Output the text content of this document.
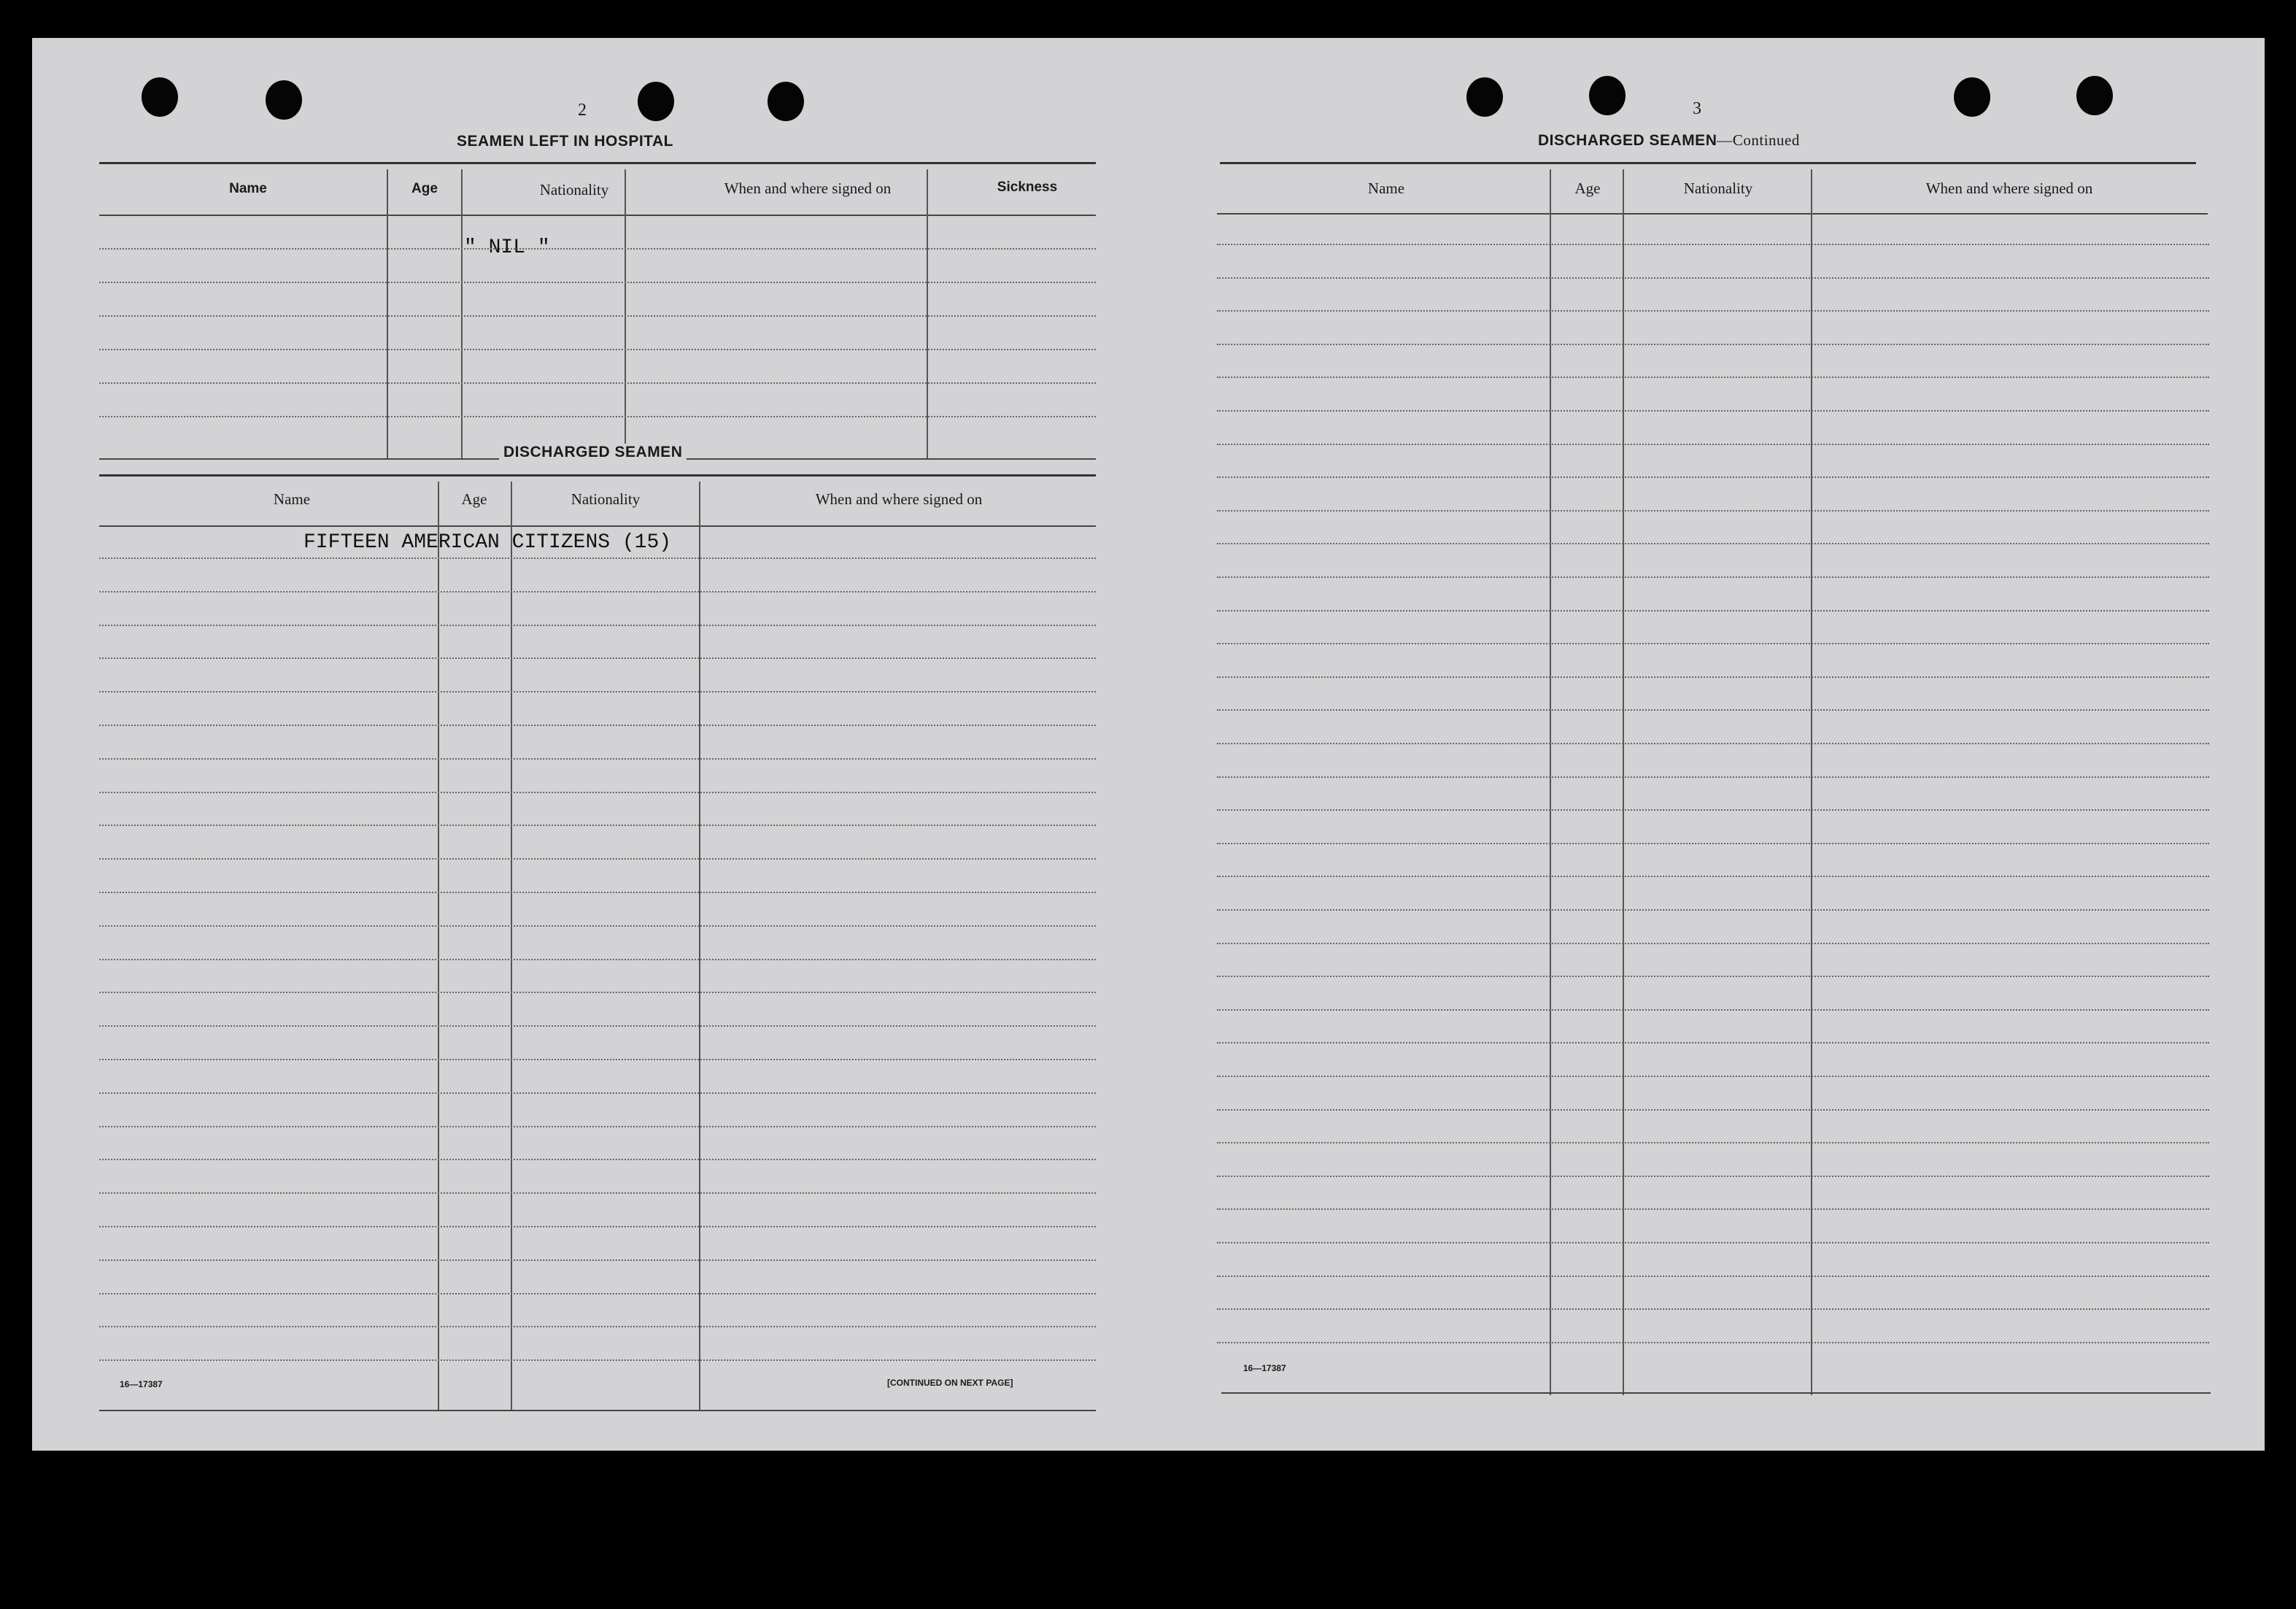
2
SEAMEN LEFT IN HOSPITAL
Name	Age	Nationality	When and where signed on	Sickness
" NIL "
DISCHARGED SEAMEN
Name	Age	Nationality	When and where signed on
FIFTEEN AMERICAN CITIZENS (15)
16—17387	[CONTINUED ON NEXT PAGE]
3
DISCHARGED SEAMEN—Continued
Name	Age	Nationality	When and where signed on
16—17387
